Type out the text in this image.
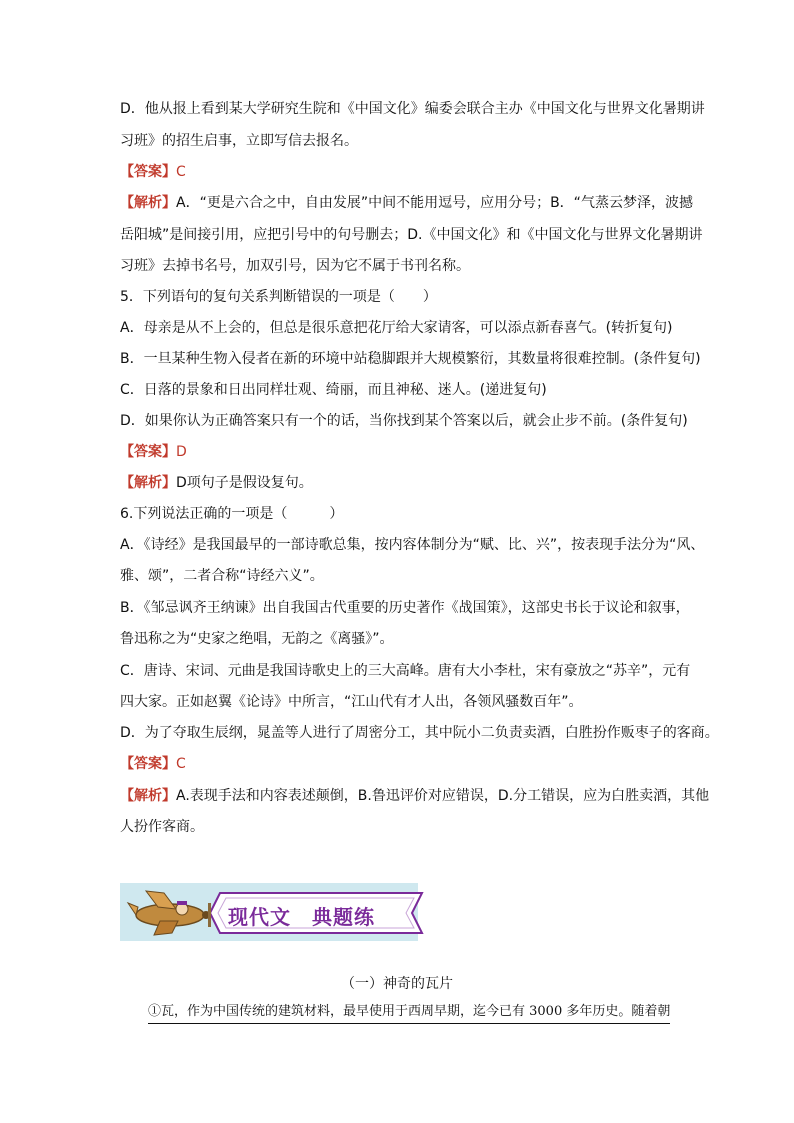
D．他从报上看到某大学研究生院和《中国文化》编委会联合主办《中国文化与世界文化暑期讲
习班》的招生启事，立即写信去报名。
【答案】C
【解析】A．“更是六合之中，自由发展”中间不能用逗号，应用分号；B．“气蒸云梦泽，波撼
岳阳城”是间接引用，应把引号中的句号删去；D.《中国文化》和《中国文化与世界文化暑期讲
习班》去掉书名号，加双引号，因为它不属于书刊名称。
5．下列语句的复句关系判断错误的一项是（　　）
A．母亲是从不上会的，但总是很乐意把花厅给大家请客，可以添点新春喜气。(转折复句)
B．一旦某种生物入侵者在新的环境中站稳脚跟并大规模繁衍，其数量将很难控制。(条件复句)
C．日落的景象和日出同样壮观、绮丽，而且神秘、迷人。(递进复句)
D．如果你认为正确答案只有一个的话，当你找到某个答案以后，就会止步不前。(条件复句)
【答案】D
【解析】D项句子是假设复句。
6.下列说法正确的一项是（　　　）
A．《诗经》是我国最早的一部诗歌总集，按内容体制分为“赋、比、兴”，按表现手法分为“风、
雅、颂”，二者合称“诗经六义”。
B．《邹忌讽齐王纳谏》出自我国古代重要的历史著作《战国策》，这部史书长于议论和叙事，
鲁迅称之为“史家之绝唱，无韵之《离骚》”。
C．唐诗、宋词、元曲是我国诗歌史上的三大高峰。唐有大小李杜，宋有豪放之“苏辛”，元有
四大家。正如赵翼《论诗》中所言，“江山代有才人出，各领风骚数百年”。
D．为了夺取生辰纲，晁盖等人进行了周密分工，其中阮小二负责卖酒，白胜扮作贩枣子的客商。
【答案】C
【解析】A.表现手法和内容表述颠倒，B.鲁迅评价对应错误，D.分工错误，应为白胜卖酒，其他
人扮作客商。
现代文　典题练
（一）神奇的瓦片
①瓦，作为中国传统的建筑材料，最早使用于西周早期，迄今已有 3000 多年历史。随着朝
